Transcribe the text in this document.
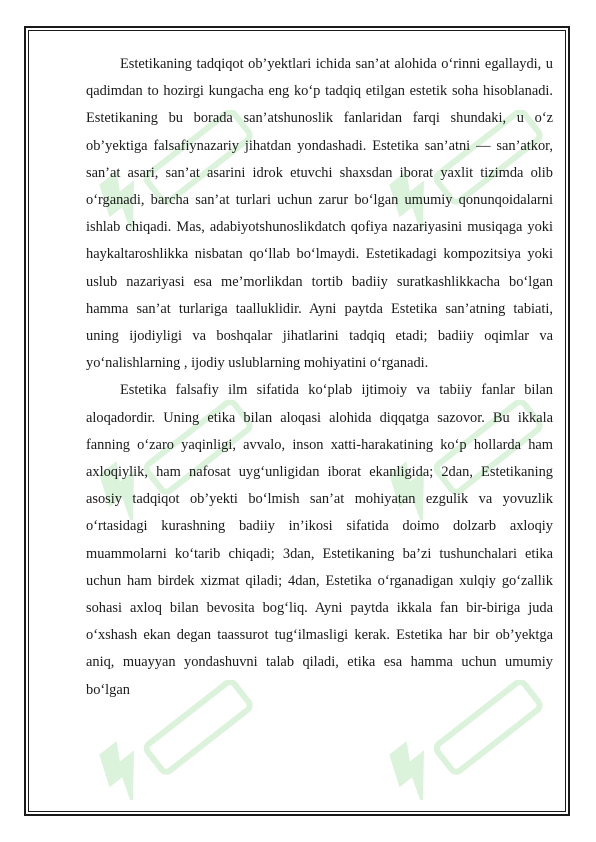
Estetikaning tadqiqot ob’yektlari ichida san’at alohida o‘rinni egallaydi, u qadimdan to hozirgi kungacha eng ko‘p tadqiq etilgan estetik soha hisoblanadi. Estetikaning bu borada san’atshunoslik fanlaridan farqi shundaki, u o‘z ob’yektiga falsafiynazariy jihatdan yondashadi. Estetika san’atni — san’atkor, san’at asari, san’at asarini idrok etuvchi shaxsdan iborat yaxlit tizimda olib o‘rganadi, barcha san’at turlari uchun zarur bo‘lgan umumiy qonunqoidalarni ishlab chiqadi. Mas, adabiyotshunoslikdatch qofiya nazariyasini musiqaga yoki haykaltaroshlikka nisbatan qo‘llab bo‘lmaydi. Estetikadagi kompozitsiya yoki uslub nazariyasi esa me’morlikdan tortib badiiy suratkashlikkacha bo‘lgan hamma san’at turlariga taalluklidir. Ayni paytda Estetika san’atning tabiati, uning ijodiyligi va boshqalar jihatlarini tadqiq etadi; badiiy oqimlar va yo‘nalishlarning , ijodiy uslublarning mohiyatini o‘rganadi.

Estetika falsafiy ilm sifatida ko‘plab ijtimoiy va tabiiy fanlar bilan aloqadordir. Uning etika bilan aloqasi alohida diqqatga sazovor. Bu ikkala fanning o‘zaro yaqinligi, avvalo, inson xatti-harakatining ko‘p hollarda ham axloqiylik, ham nafosat uyg‘unligidan iborat ekanligida; 2dan, Estetikaning asosiy tadqiqot ob’yekti bo‘lmish san’at mohiyatan ezgulik va yovuzlik o‘rtasidagi kurashning badiiy in’ikosi sifatida doimo dolzarb axloqiy muammolarni ko‘tarib chiqadi; 3dan, Estetikaning ba’zi tushunchalari etika uchun ham birdek xizmat qiladi; 4dan, Estetika o‘rganadigan xulqiy go‘zallik sohasi axloq bilan bevosita bog‘liq. Ayni paytda ikkala fan bir-biriga juda o‘xshash ekan degan taassurot tug‘ilmasligi kerak. Estetika har bir ob’yektga aniq, muayyan yondashuvni talab qiladi, etika esa hamma uchun umumiy bo‘lgan
